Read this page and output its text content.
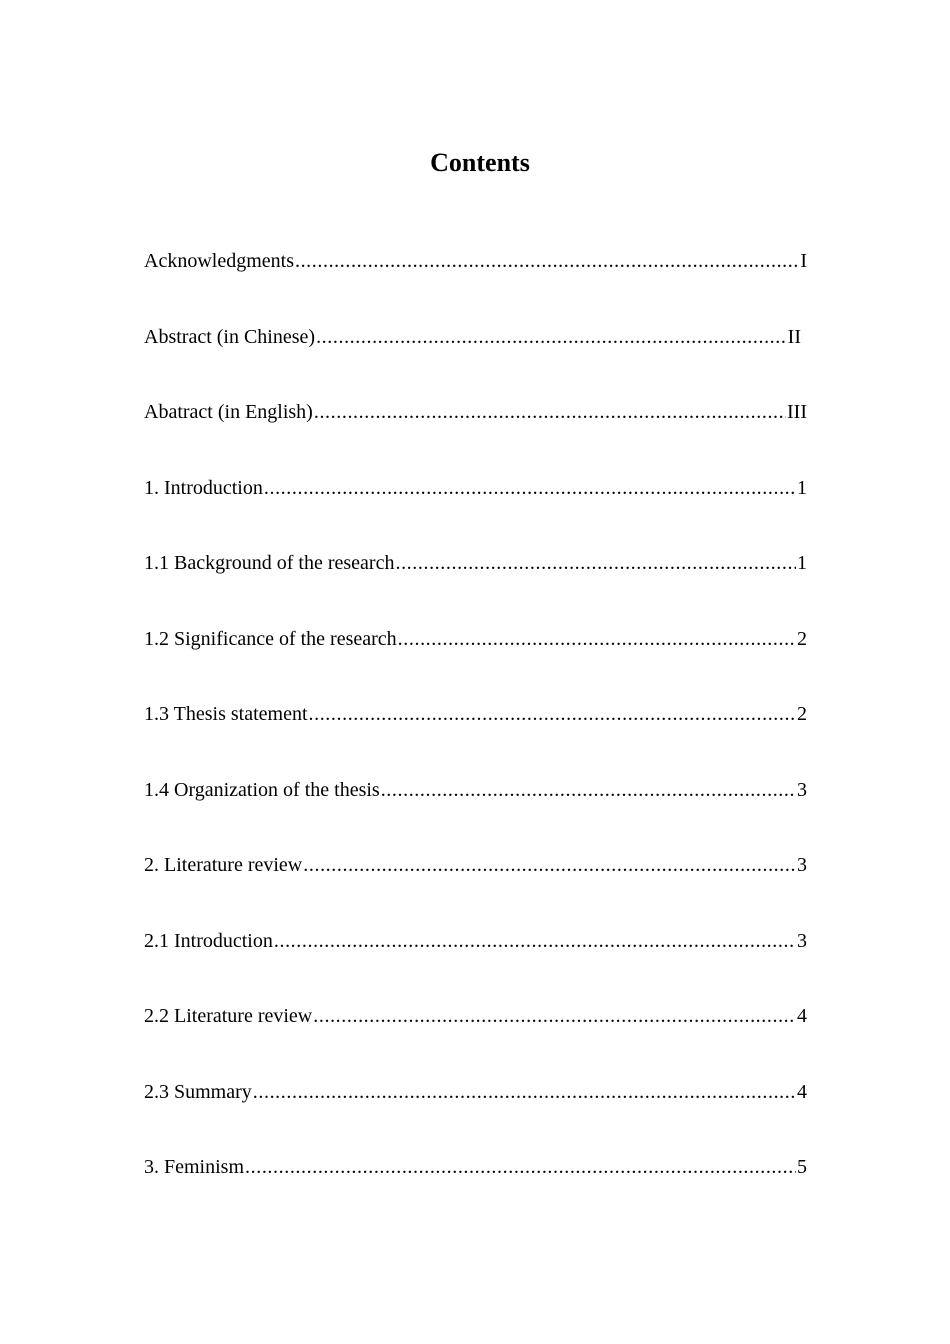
Contents
Acknowledgments .....	I
Abstract (in Chinese) .....	II
Abatract (in English) .....	III
1. Introduction .....	1
1.1 Background of the research .....	1
1.2 Significance of the research .....	2
1.3 Thesis statement .....	2
1.4 Organization of the thesis .....	3
2. Literature review .....	3
2.1 Introduction .....	3
2.2 Literature review .....	4
2.3 Summary .....	4
3. Feminism .....	5
